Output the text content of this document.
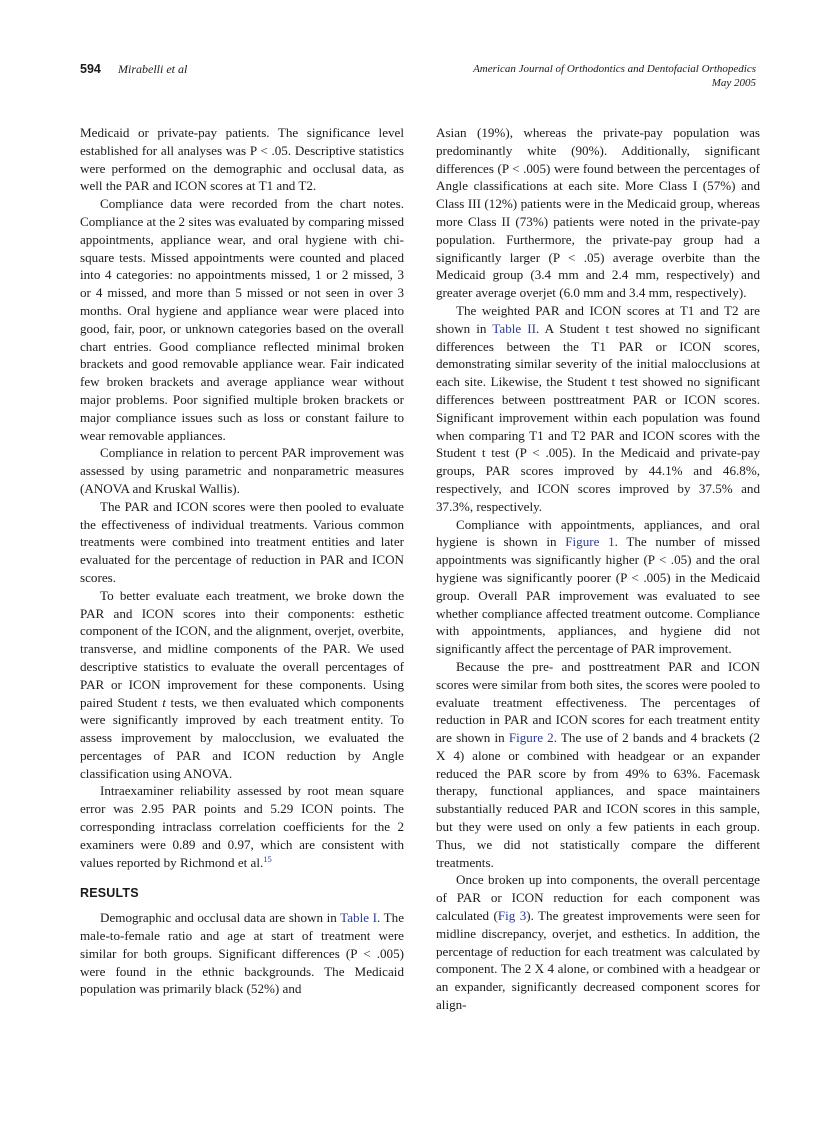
594 Mirabelli et al	American Journal of Orthodontics and Dentofacial Orthopedics
May 2005

Medicaid or private-pay patients. The significance level established for all analyses was P < .05. Descriptive statistics were performed on the demographic and occlusal data, as well the PAR and ICON scores at T1 and T2.

Compliance data were recorded from the chart notes. Compliance at the 2 sites was evaluated by comparing missed appointments, appliance wear, and oral hygiene with chi-square tests. Missed appointments were counted and placed into 4 categories: no appointments missed, 1 or 2 missed, 3 or 4 missed, and more than 5 missed or not seen in over 3 months. Oral hygiene and appliance wear were placed into good, fair, poor, or unknown categories based on the overall chart entries. Good compliance reflected minimal broken brackets and good removable appliance wear. Fair indicated few broken brackets and average appliance wear without major problems. Poor signified multiple broken brackets or major compliance issues such as loss or constant failure to wear removable appliances.

Compliance in relation to percent PAR improvement was assessed by using parametric and nonparametric measures (ANOVA and Kruskal Wallis).

The PAR and ICON scores were then pooled to evaluate the effectiveness of individual treatments. Various common treatments were combined into treatment entities and later evaluated for the percentage of reduction in PAR and ICON scores.

To better evaluate each treatment, we broke down the PAR and ICON scores into their components: esthetic component of the ICON, and the alignment, overjet, overbite, transverse, and midline components of the PAR. We used descriptive statistics to evaluate the overall percentages of PAR or ICON improvement for these components. Using paired Student t tests, we then evaluated which components were significantly improved by each treatment entity. To assess improvement by malocclusion, we evaluated the percentages of PAR and ICON reduction by Angle classification using ANOVA.

Intraexaminer reliability assessed by root mean square error was 2.95 PAR points and 5.29 ICON points. The corresponding intraclass correlation coefficients for the 2 examiners were 0.89 and 0.97, which are consistent with values reported by Richmond et al.$^{15}$

RESULTS

Demographic and occlusal data are shown in Table I. The male-to-female ratio and age at start of treatment were similar for both groups. Significant differences (P < .005) were found in the ethnic backgrounds. The Medicaid population was primarily black (52%) and

Asian (19%), whereas the private-pay population was predominantly white (90%). Additionally, significant differences (P < .005) were found between the percentages of Angle classifications at each site. More Class I (57%) and Class III (12%) patients were in the Medicaid group, whereas more Class II (73%) patients were noted in the private-pay population. Furthermore, the private-pay group had a significantly larger (P < .05) average overbite than the Medicaid group (3.4 mm and 2.4 mm, respectively) and greater average overjet (6.0 mm and 3.4 mm, respectively).

The weighted PAR and ICON scores at T1 and T2 are shown in Table II. A Student t test showed no significant differences between the T1 PAR or ICON scores, demonstrating similar severity of the initial malocclusions at each site. Likewise, the Student t test showed no significant differences between posttreatment PAR or ICON scores. Significant improvement within each population was found when comparing T1 and T2 PAR and ICON scores with the Student t test (P < .005). In the Medicaid and private-pay groups, PAR scores improved by 44.1% and 46.8%, respectively, and ICON scores improved by 37.5% and 37.3%, respectively.

Compliance with appointments, appliances, and oral hygiene is shown in Figure 1. The number of missed appointments was significantly higher (P < .05) and the oral hygiene was significantly poorer (P < .005) in the Medicaid group. Overall PAR improvement was evaluated to see whether compliance affected treatment outcome. Compliance with appointments, appliances, and hygiene did not significantly affect the percentage of PAR improvement.

Because the pre- and posttreatment PAR and ICON scores were similar from both sites, the scores were pooled to evaluate treatment effectiveness. The percentages of reduction in PAR and ICON scores for each treatment entity are shown in Figure 2. The use of 2 bands and 4 brackets (2 X 4) alone or combined with headgear or an expander reduced the PAR score by from 49% to 63%. Facemask therapy, functional appliances, and space maintainers substantially reduced PAR and ICON scores in this sample, but they were used on only a few patients in each group. Thus, we did not statistically compare the different treatments.

Once broken up into components, the overall percentage of PAR or ICON reduction for each component was calculated (Fig 3). The greatest improvements were seen for midline discrepancy, overjet, and esthetics. In addition, the percentage of reduction for each treatment was calculated by component. The 2 X 4 alone, or combined with a headgear or an expander, significantly decreased component scores for align-
